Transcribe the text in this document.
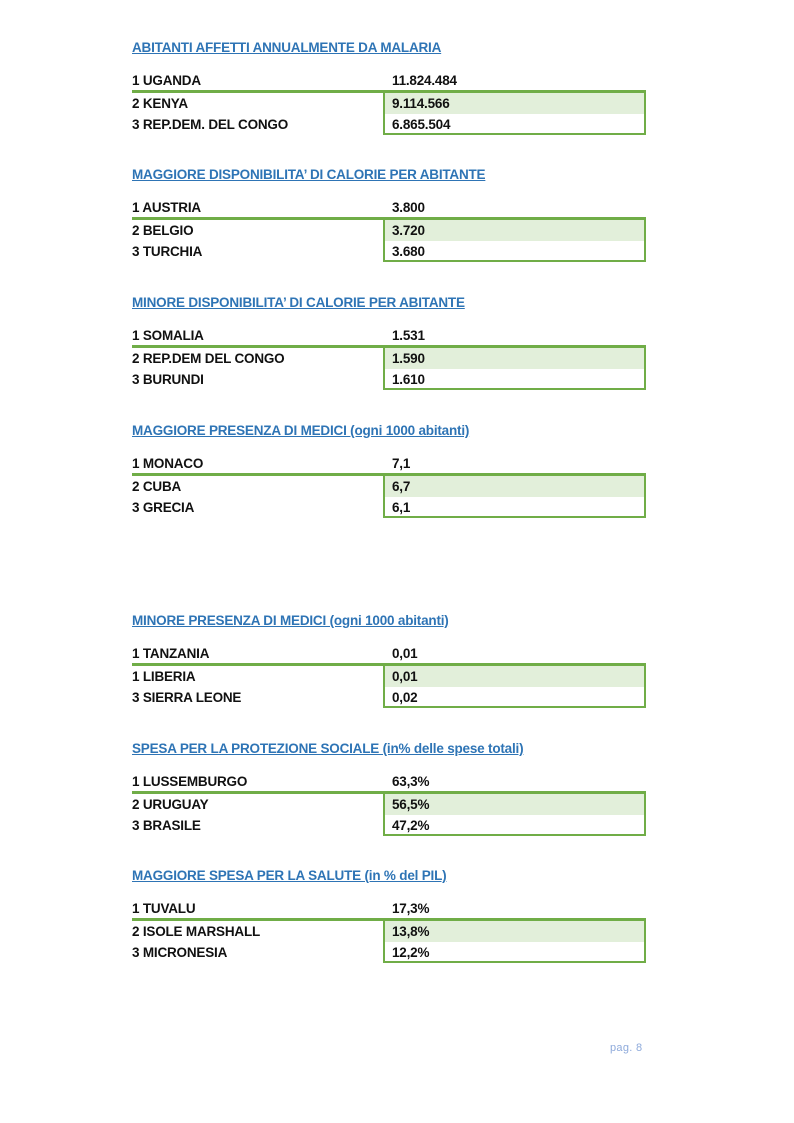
ABITANTI AFFETTI ANNUALMENTE DA MALARIA
1 UGANDA	11.824.484
2 KENYA	9.114.566
3 REP.DEM. DEL CONGO	6.865.504
MAGGIORE DISPONIBILITA’ DI CALORIE PER ABITANTE
1 AUSTRIA	3.800
2 BELGIO	3.720
3 TURCHIA	3.680
MINORE DISPONIBILITA’ DI CALORIE PER ABITANTE
1 SOMALIA	1.531
2 REP.DEM DEL CONGO	1.590
3 BURUNDI	1.610
MAGGIORE PRESENZA DI MEDICI (ogni 1000 abitanti)
1 MONACO	7,1
2 CUBA	6,7
3 GRECIA	6,1
MINORE PRESENZA DI MEDICI (ogni 1000 abitanti)
1 TANZANIA	0,01
1 LIBERIA	0,01
3 SIERRA LEONE	0,02
SPESA PER LA PROTEZIONE SOCIALE (in% delle spese totali)
1 LUSSEMBURGO	63,3%
2 URUGUAY	56,5%
3 BRASILE	47,2%
MAGGIORE SPESA PER LA SALUTE (in % del PIL)
1 TUVALU	17,3%
2 ISOLE MARSHALL	13,8%
3 MICRONESIA	12,2%
pag. 8
